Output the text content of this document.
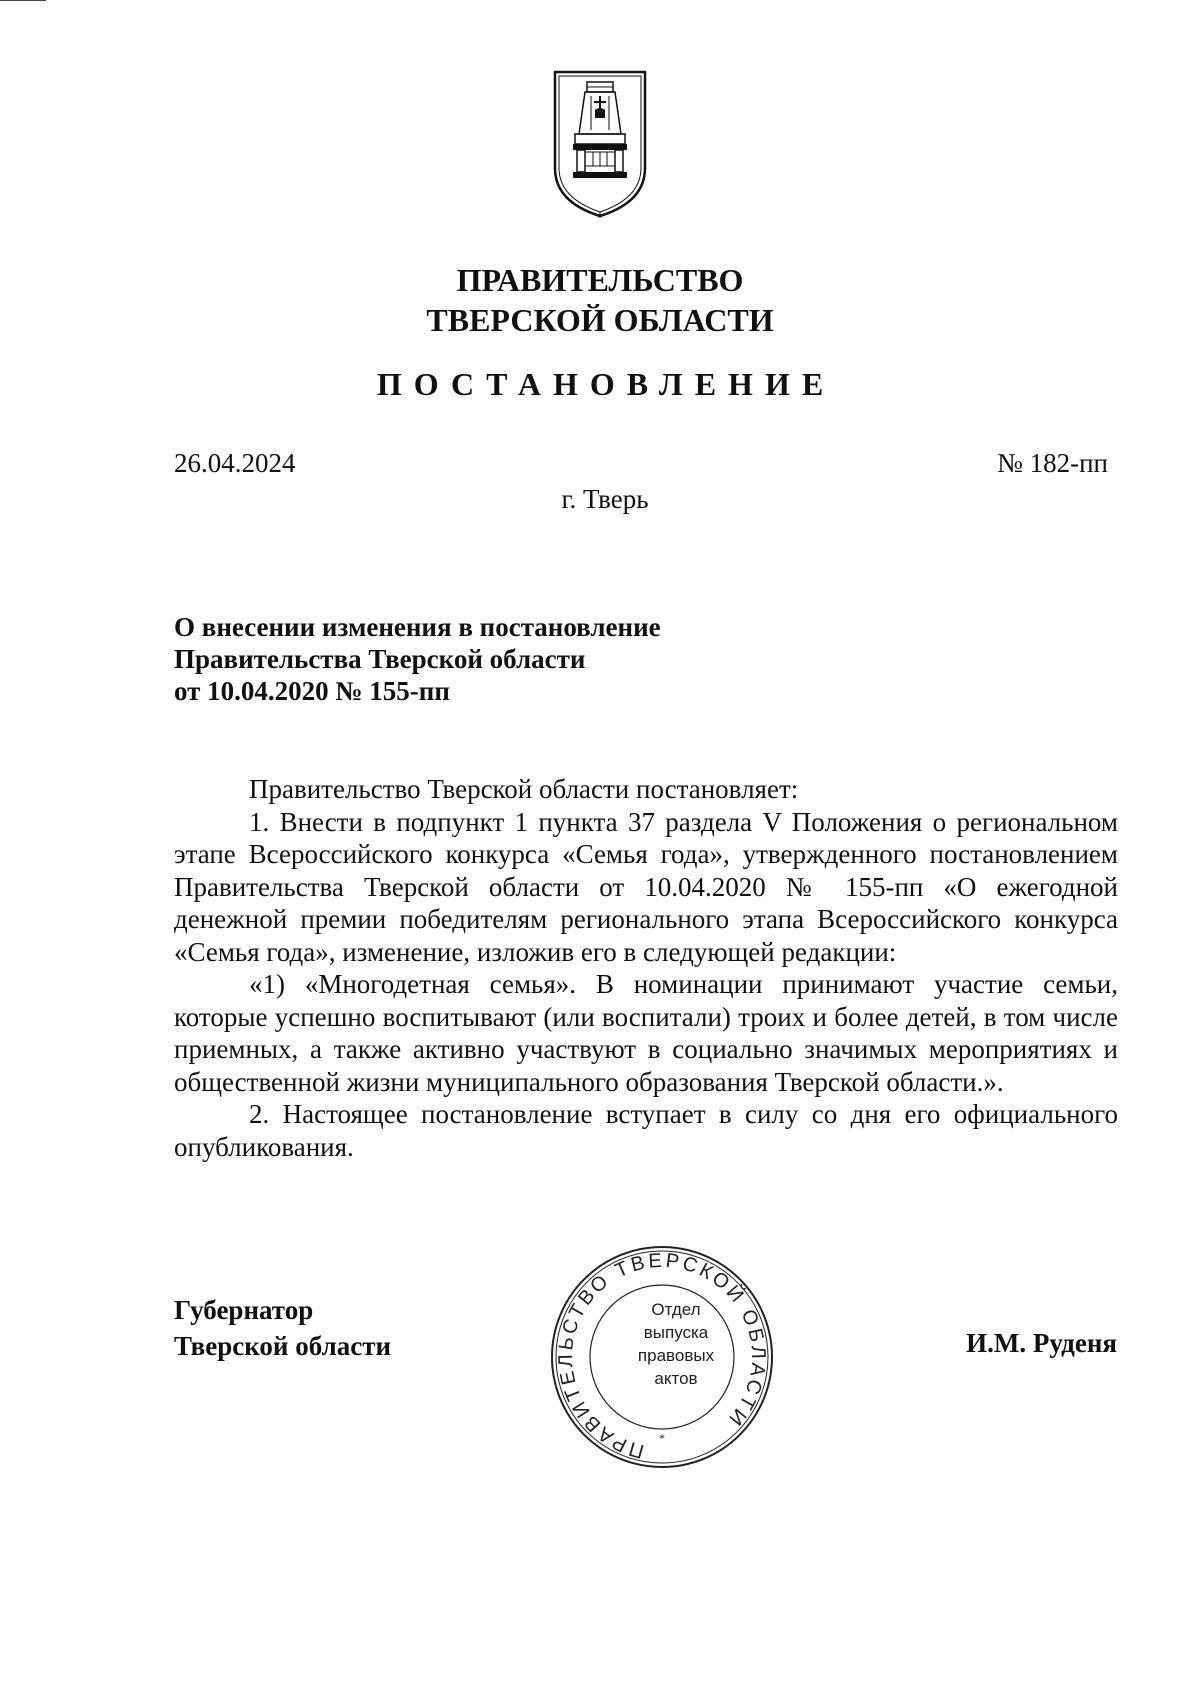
ПРАВИТЕЛЬСТВО
ТВЕРСКОЙ ОБЛАСТИ
ПОСТАНОВЛЕНИЕ
26.04.2024	№ 182-пп
г. Тверь
О внесении изменения в постановление
Правительства Тверской области
от 10.04.2020 № 155-пп

Правительство Тверской области постановляет:

1. Внести в подпункт 1 пункта 37 раздела V Положения о региональном этапе Всероссийского конкурса «Семья года», утвержденного постановлением Правительства Тверской области от 10.04.2020 № 155-пп «О ежегодной денежной премии победителям регионального этапа Всероссийского конкурса «Семья года», изменение, изложив его в следующей редакции:

«1) «Многодетная семья». В номинации принимают участие семьи, которые успешно воспитывают (или воспитали) троих и более детей, в том числе приемных, а также активно участвуют в социально значимых мероприятиях и общественной жизни муниципального образования Тверской области.».

2. Настоящее постановление вступает в силу со дня его официального опубликования.

Губернатор
Тверской области	И.М. Руденя
ПРАВИТЕЛЬСТВО ТВЕРСКОЙ ОБЛАСТИ
*
Отдел
выпуска
правовых
актов
